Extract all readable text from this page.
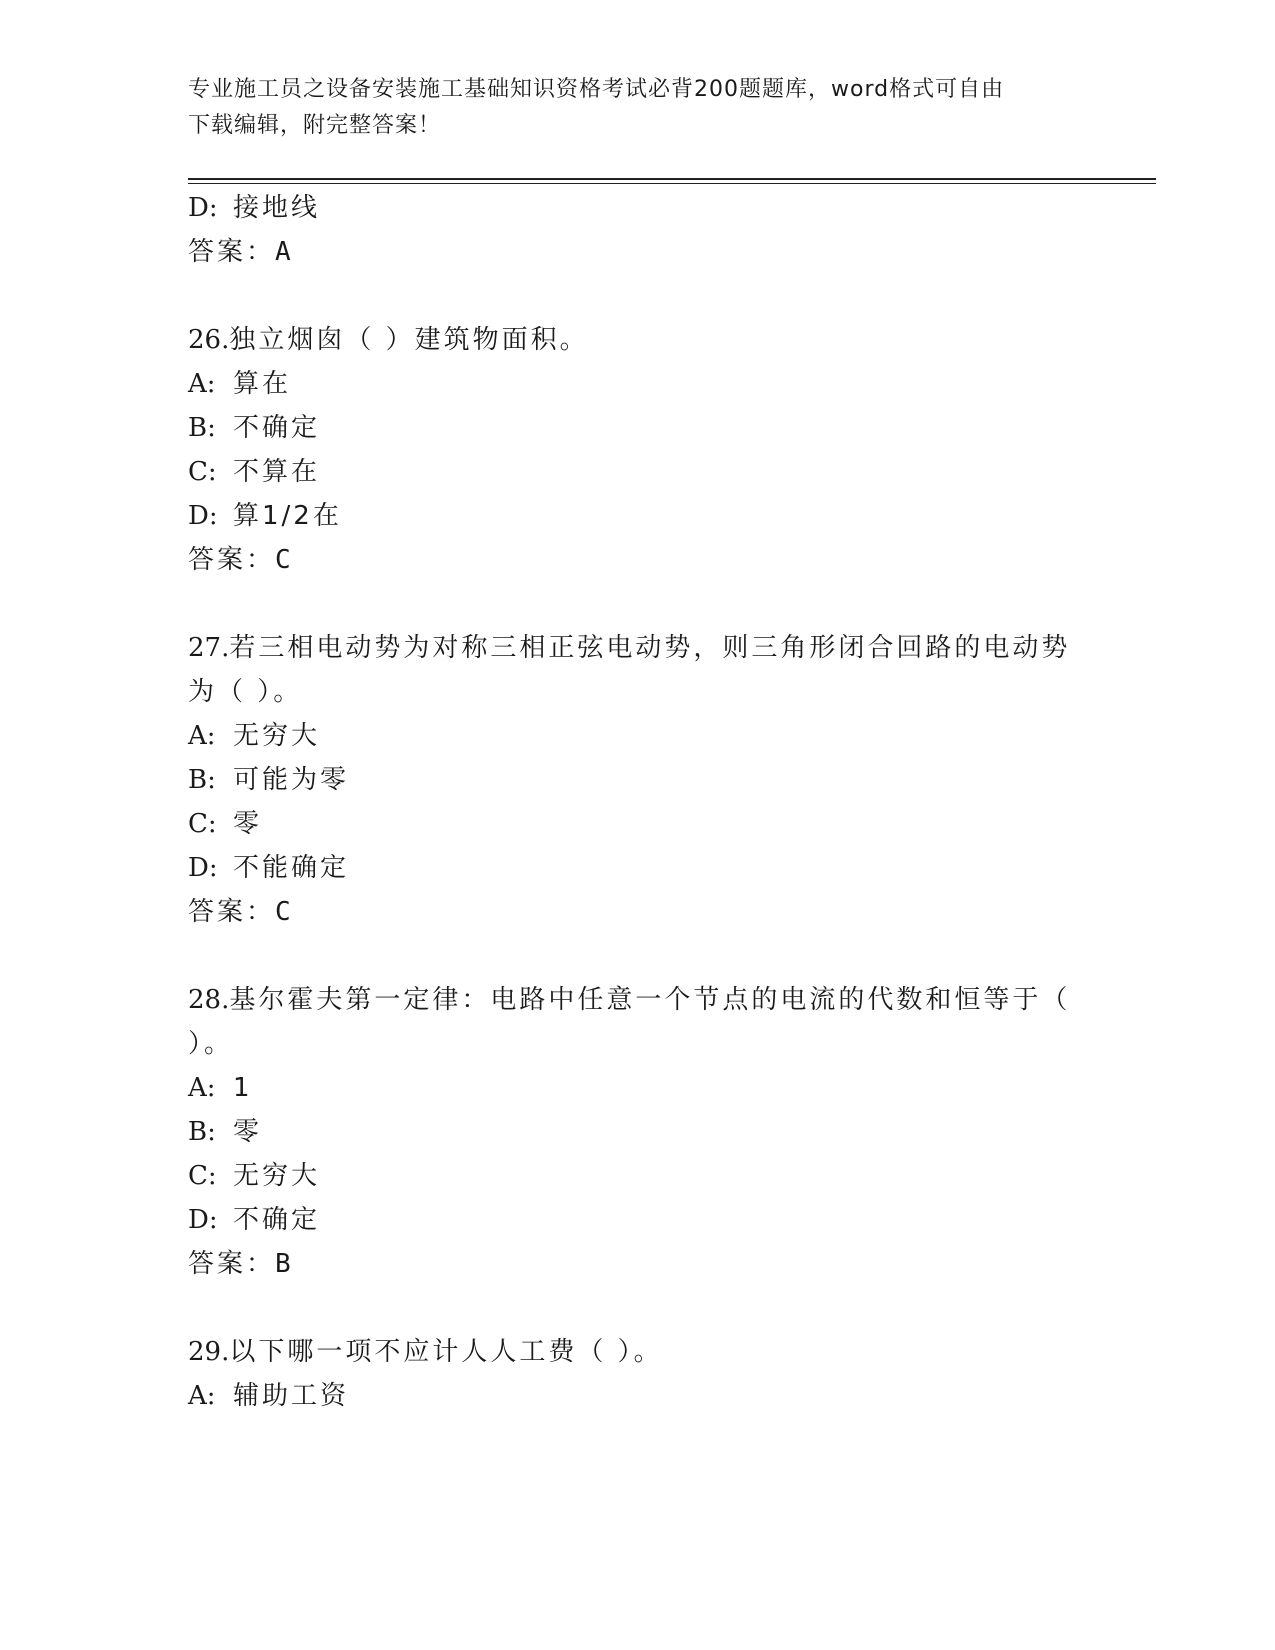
专业施工员之设备安装施工基础知识资格考试必背200题题库，word格式可自由
下载编辑，附完整答案！
D: 接地线
答案：A
26.独立烟囱（ ）建筑物面积。
A: 算在
B: 不确定
C: 不算在
D: 算1/2在
答案：C
27.若三相电动势为对称三相正弦电动势，则三角形闭合回路的电动势
为（ ）。
A: 无穷大
B: 可能为零
C: 零
D: 不能确定
答案：C
28.基尔霍夫第一定律：电路中任意一个节点的电流的代数和恒等于（
）。
A: 1
B: 零
C: 无穷大
D: 不确定
答案：B
29.以下哪一项不应计人人工费（ ）。
A: 辅助工资
